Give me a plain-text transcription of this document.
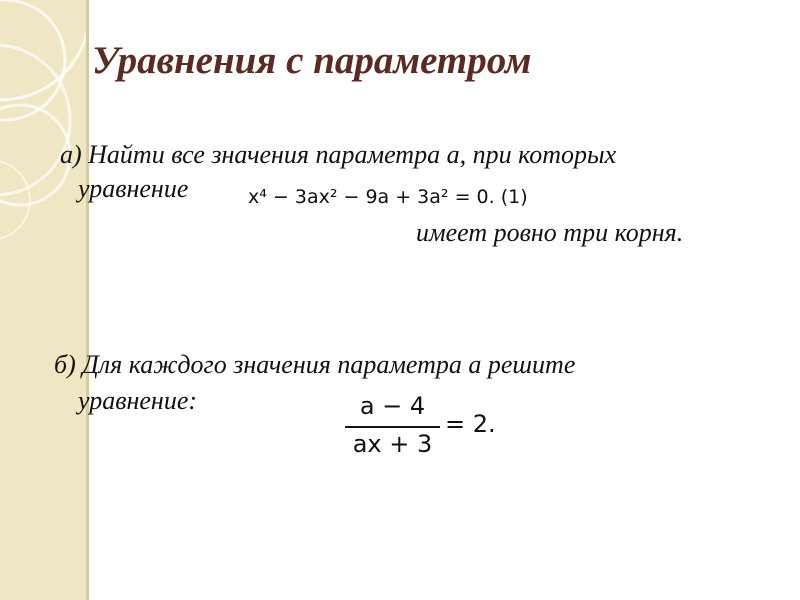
Уравнения с параметром
а) Найти все значения параметра а, при которых
уравнение	x⁴ − 3ax² − 9a + 3a² = 0. (1)
имеет ровно три корня.
б) Для каждого значения параметра а решите
уравнение:	a − 4
ax + 3
= 2.
